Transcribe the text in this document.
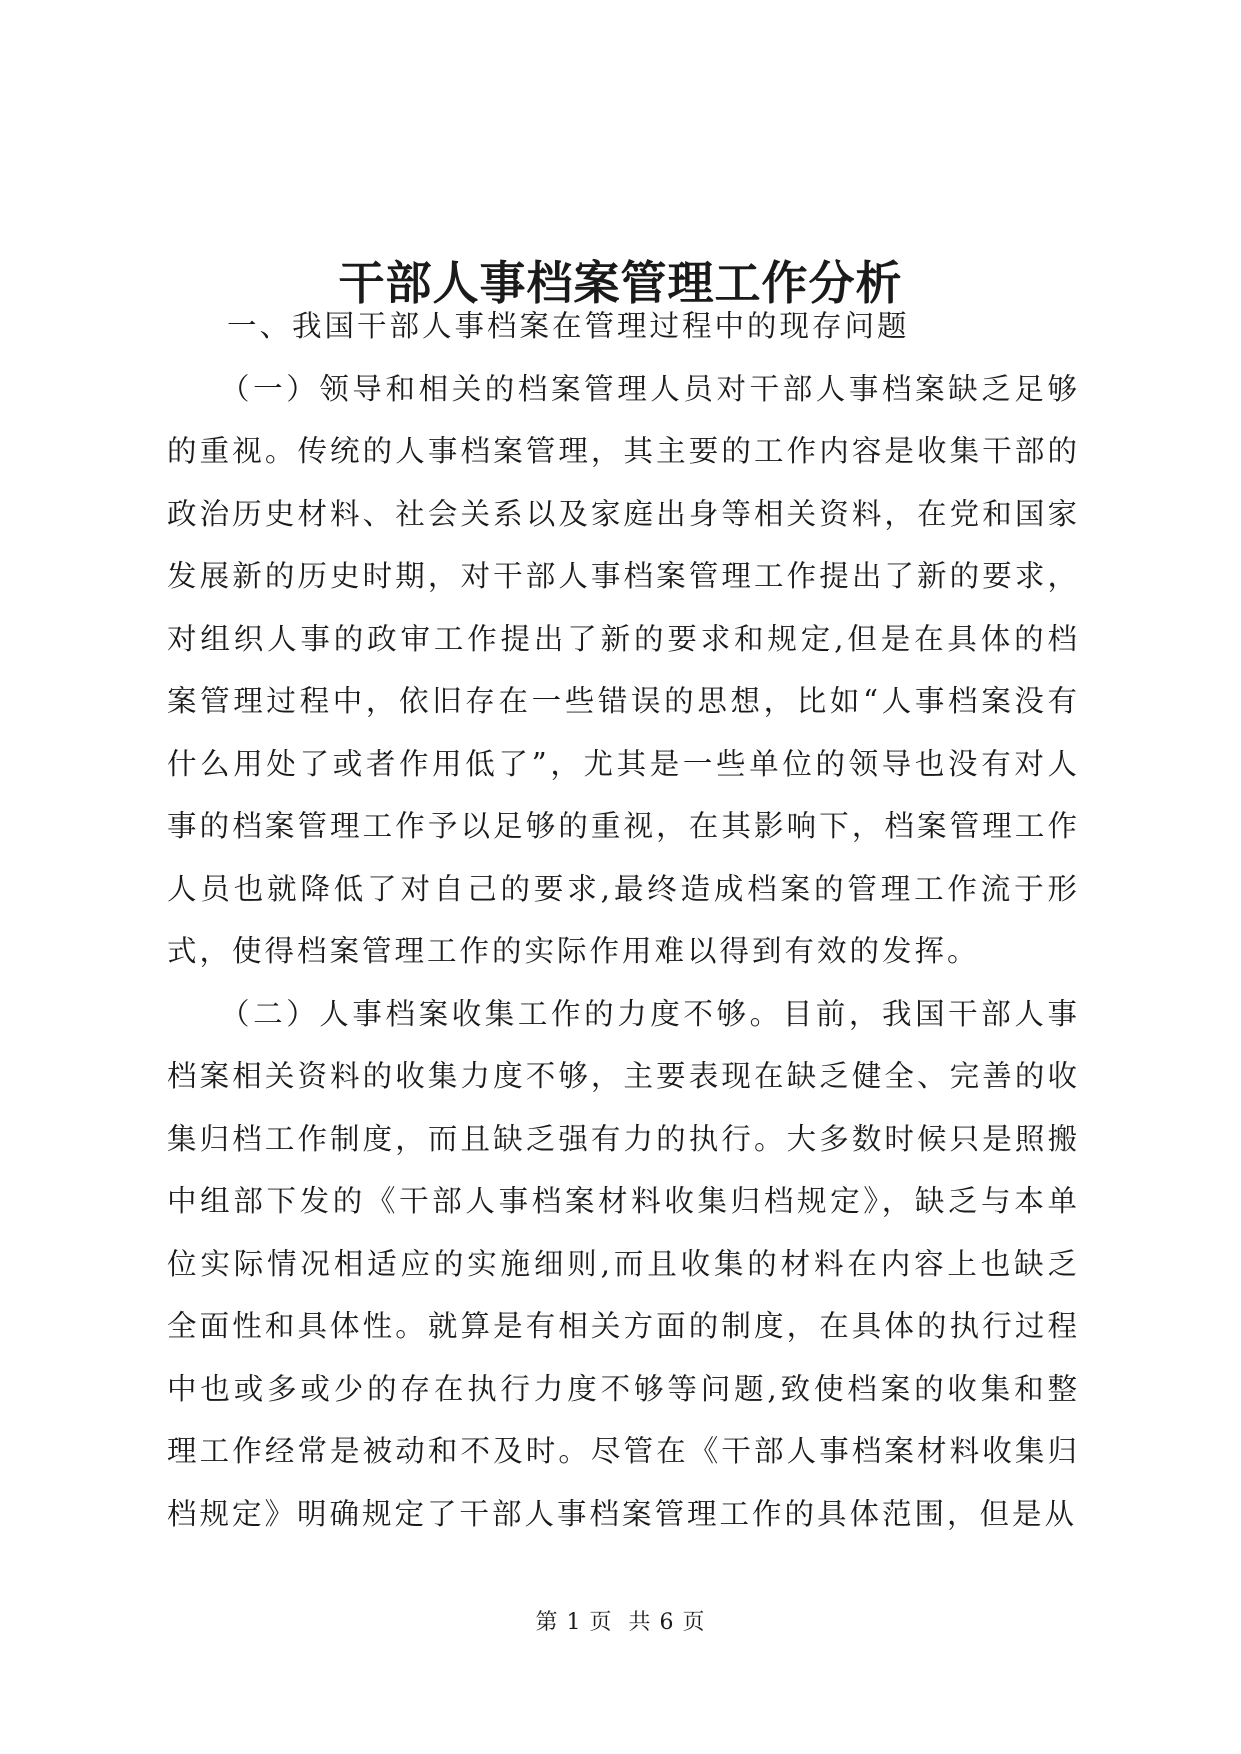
干部人事档案管理工作分析

一、我国干部人事档案在管理过程中的现存问题

（一）领导和相关的档案管理人员对干部人事档案缺乏足够的重视。传统的人事档案管理，其主要的工作内容是收集干部的政治历史材料、社会关系以及家庭出身等相关资料，在党和国家发展新的历史时期，对干部人事档案管理工作提出了新的要求，对组织人事的政审工作提出了新的要求和规定,但是在具体的档案管理过程中，依旧存在一些错误的思想，比如“人事档案没有什么用处了或者作用低了”，尤其是一些单位的领导也没有对人事的档案管理工作予以足够的重视，在其影响下，档案管理工作人员也就降低了对自己的要求,最终造成档案的管理工作流于形式，使得档案管理工作的实际作用难以得到有效的发挥。

（二）人事档案收集工作的力度不够。目前，我国干部人事档案相关资料的收集力度不够，主要表现在缺乏健全、完善的收集归档工作制度，而且缺乏强有力的执行。大多数时候只是照搬中组部下发的《干部人事档案材料收集归档规定》，缺乏与本单位实际情况相适应的实施细则,而且收集的材料在内容上也缺乏全面性和具体性。就算是有相关方面的制度，在具体的执行过程中也或多或少的存在执行力度不够等问题,致使档案的收集和整理工作经常是被动和不及时。尽管在《干部人事档案材料收集归档规定》明确规定了干部人事档案管理工作的具体范围，但是从

第 1 页  共 6 页
